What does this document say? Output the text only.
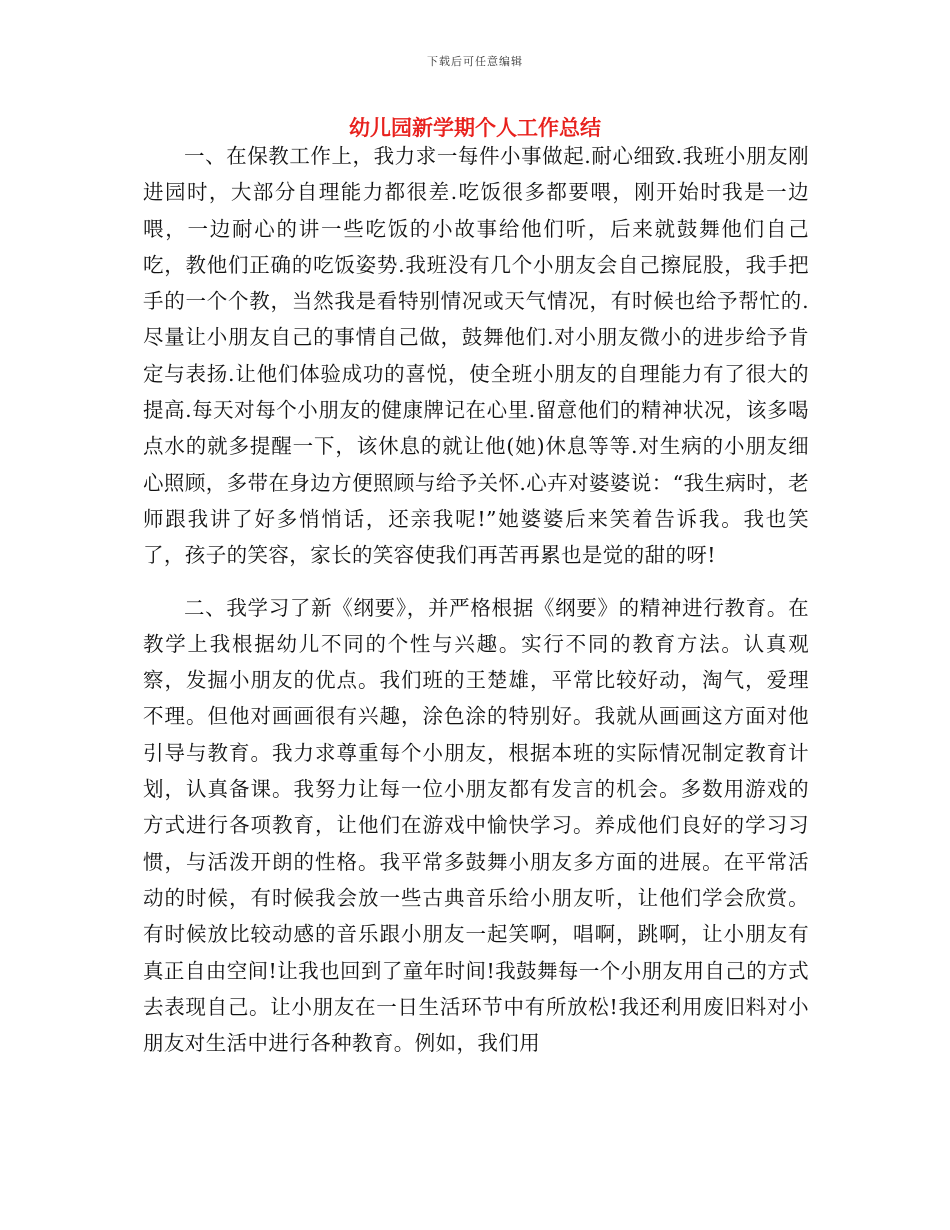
下载后可任意编辑
幼儿园新学期个人工作总结

一、在保教工作上，我力求一每件小事做起.耐心细致.我班小朋友刚进园时，大部分自理能力都很差.吃饭很多都要喂，刚开始时我是一边喂，一边耐心的讲一些吃饭的小故事给他们听，后来就鼓舞他们自己吃，教他们正确的吃饭姿势.我班没有几个小朋友会自己擦屁股，我手把手的一个个教，当然我是看特别情况或天气情况，有时候也给予帮忙的.尽量让小朋友自己的事情自己做，鼓舞他们.对小朋友微小的进步给予肯定与表扬.让他们体验成功的喜悦，使全班小朋友的自理能力有了很大的提高.每天对每个小朋友的健康牌记在心里.留意他们的精神状况，该多喝点水的就多提醒一下，该休息的就让他(她)休息等等.对生病的小朋友细心照顾，多带在身边方便照顾与给予关怀.心卉对婆婆说：“我生病时，老师跟我讲了好多悄悄话，还亲我呢!”她婆婆后来笑着告诉我。我也笑了，孩子的笑容，家长的笑容使我们再苦再累也是觉的甜的呀!

二、我学习了新《纲要》，并严格根据《纲要》的精神进行教育。在教学上我根据幼儿不同的个性与兴趣。实行不同的教育方法。认真观察，发掘小朋友的优点。我们班的王楚雄，平常比较好动，淘气，爱理不理。但他对画画很有兴趣，涂色涂的特别好。我就从画画这方面对他引导与教育。我力求尊重每个小朋友，根据本班的实际情况制定教育计划，认真备课。我努力让每一位小朋友都有发言的机会。多数用游戏的方式进行各项教育，让他们在游戏中愉快学习。养成他们良好的学习习惯，与活泼开朗的性格。我平常多鼓舞小朋友多方面的进展。在平常活动的时候，有时候我会放一些古典音乐给小朋友听，让他们学会欣赏。有时候放比较动感的音乐跟小朋友一起笑啊，唱啊，跳啊，让小朋友有真正自由空间!让我也回到了童年时间!我鼓舞每一个小朋友用自己的方式去表现自己。让小朋友在一日生活环节中有所放松!我还利用废旧料对小朋友对生活中进行各种教育。例如，我们用
